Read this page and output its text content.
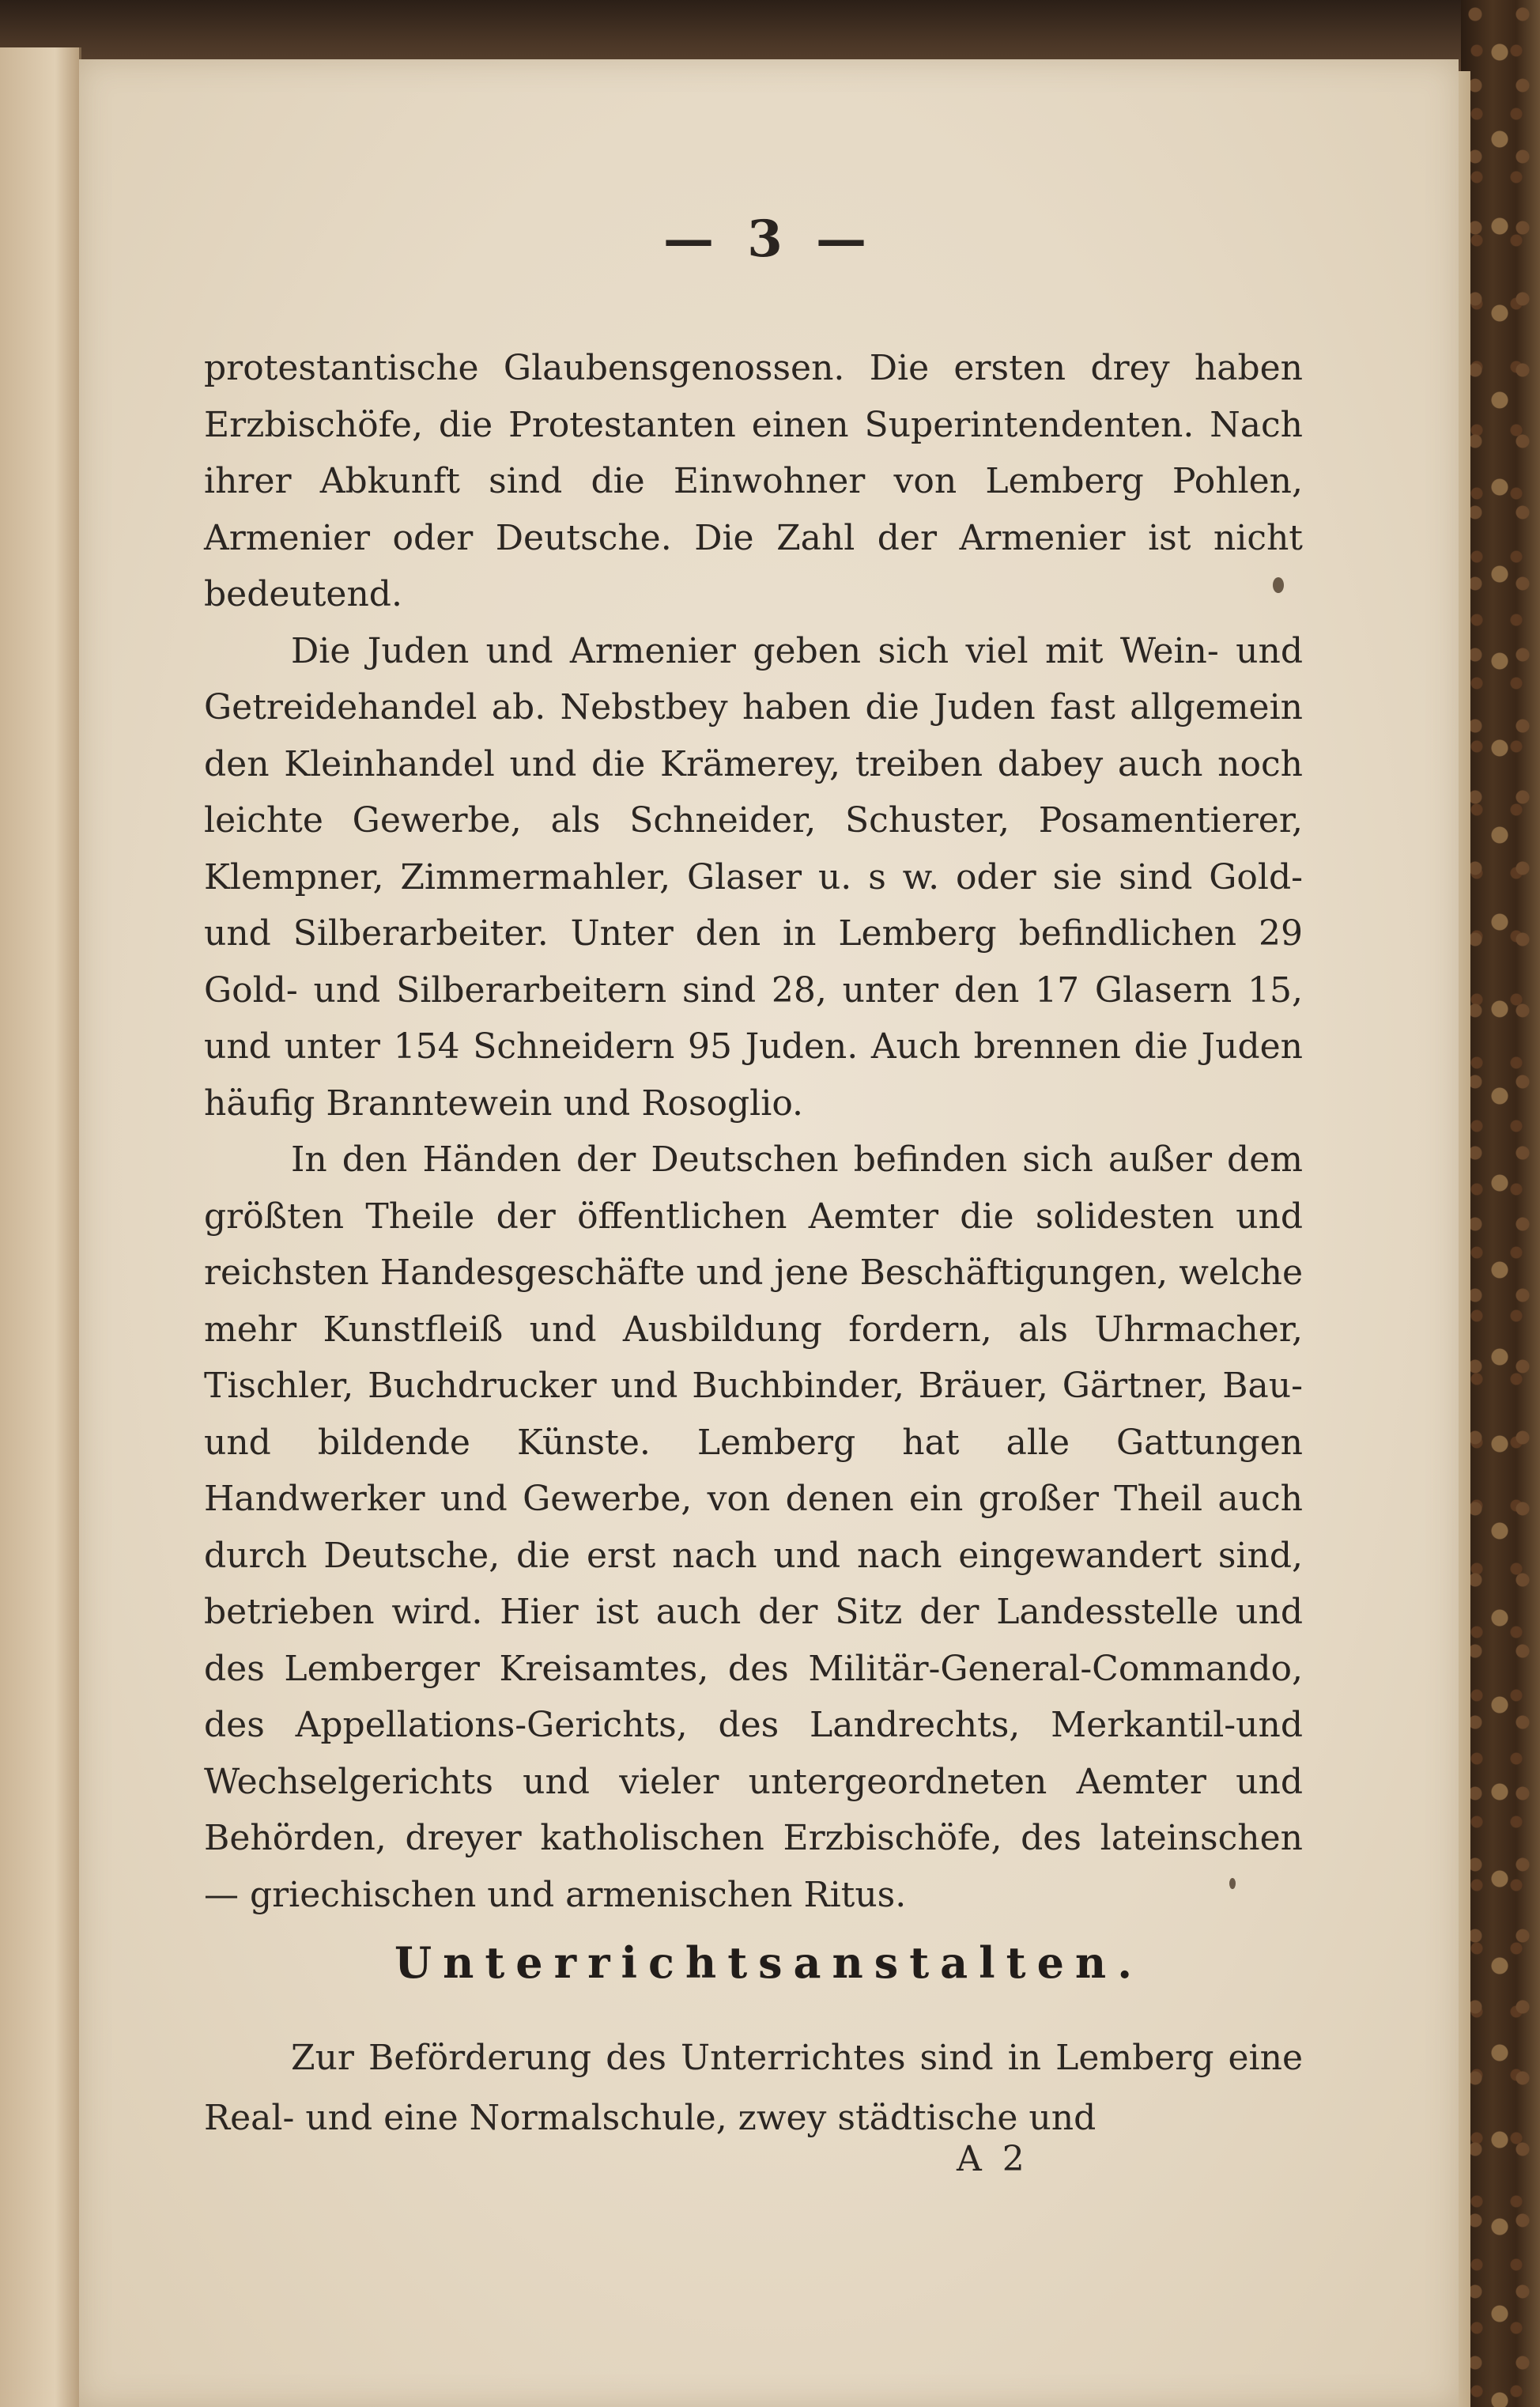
— 3 —

protestantische Glaubensgenossen. Die ersten drey haben Erzbischöfe, die Protestanten einen Superintendenten. Nach ihrer Abkunft sind die Einwohner von Lemberg Pohlen, Armenier oder Deutsche. Die Zahl der Armenier ist nicht bedeutend.

Die Juden und Armenier geben sich viel mit Wein- und Getreidehandel ab. Nebstbey haben die Juden fast allgemein den Kleinhandel und die Krämerey, treiben dabey auch noch leichte Gewerbe, als Schneider, Schuster, Posamentierer, Klempner, Zimmermahler, Glaser u. s w. oder sie sind Gold- und Silberarbeiter. Unter den in Lemberg befindlichen 29 Gold- und Silberarbeitern sind 28, unter den 17 Glasern 15, und unter 154 Schneidern 95 Juden. Auch brennen die Juden häufig Branntewein und Rosoglio.

In den Händen der Deutschen befinden sich außer dem größten Theile der öffentlichen Aemter die solidesten und reichsten Handesgeschäfte und jene Beschäftigungen, welche mehr Kunstfleiß und Ausbildung fordern, als Uhrmacher, Tischler, Buchdrucker und Buchbinder, Bräuer, Gärtner, Bau- und bildende Künste. Lemberg hat alle Gattungen Handwerker und Gewerbe, von denen ein großer Theil auch durch Deutsche, die erst nach und nach eingewandert sind, betrieben wird. Hier ist auch der Sitz der Landesstelle und des Lemberger Kreisamtes, des Militär-General-Commando, des Appellations-Gerichts, des Landrechts, Merkantil-und Wechselgerichts und vieler untergeordneten Aemter und Behörden, dreyer katholischen Erzbischöfe, des lateinschen — griechischen und armenischen Ritus.

Unterrichtsanstalten.

Zur Beförderung des Unterrichtes sind in Lemberg eine Real- und eine Normalschule, zwey städtische und

A 2
